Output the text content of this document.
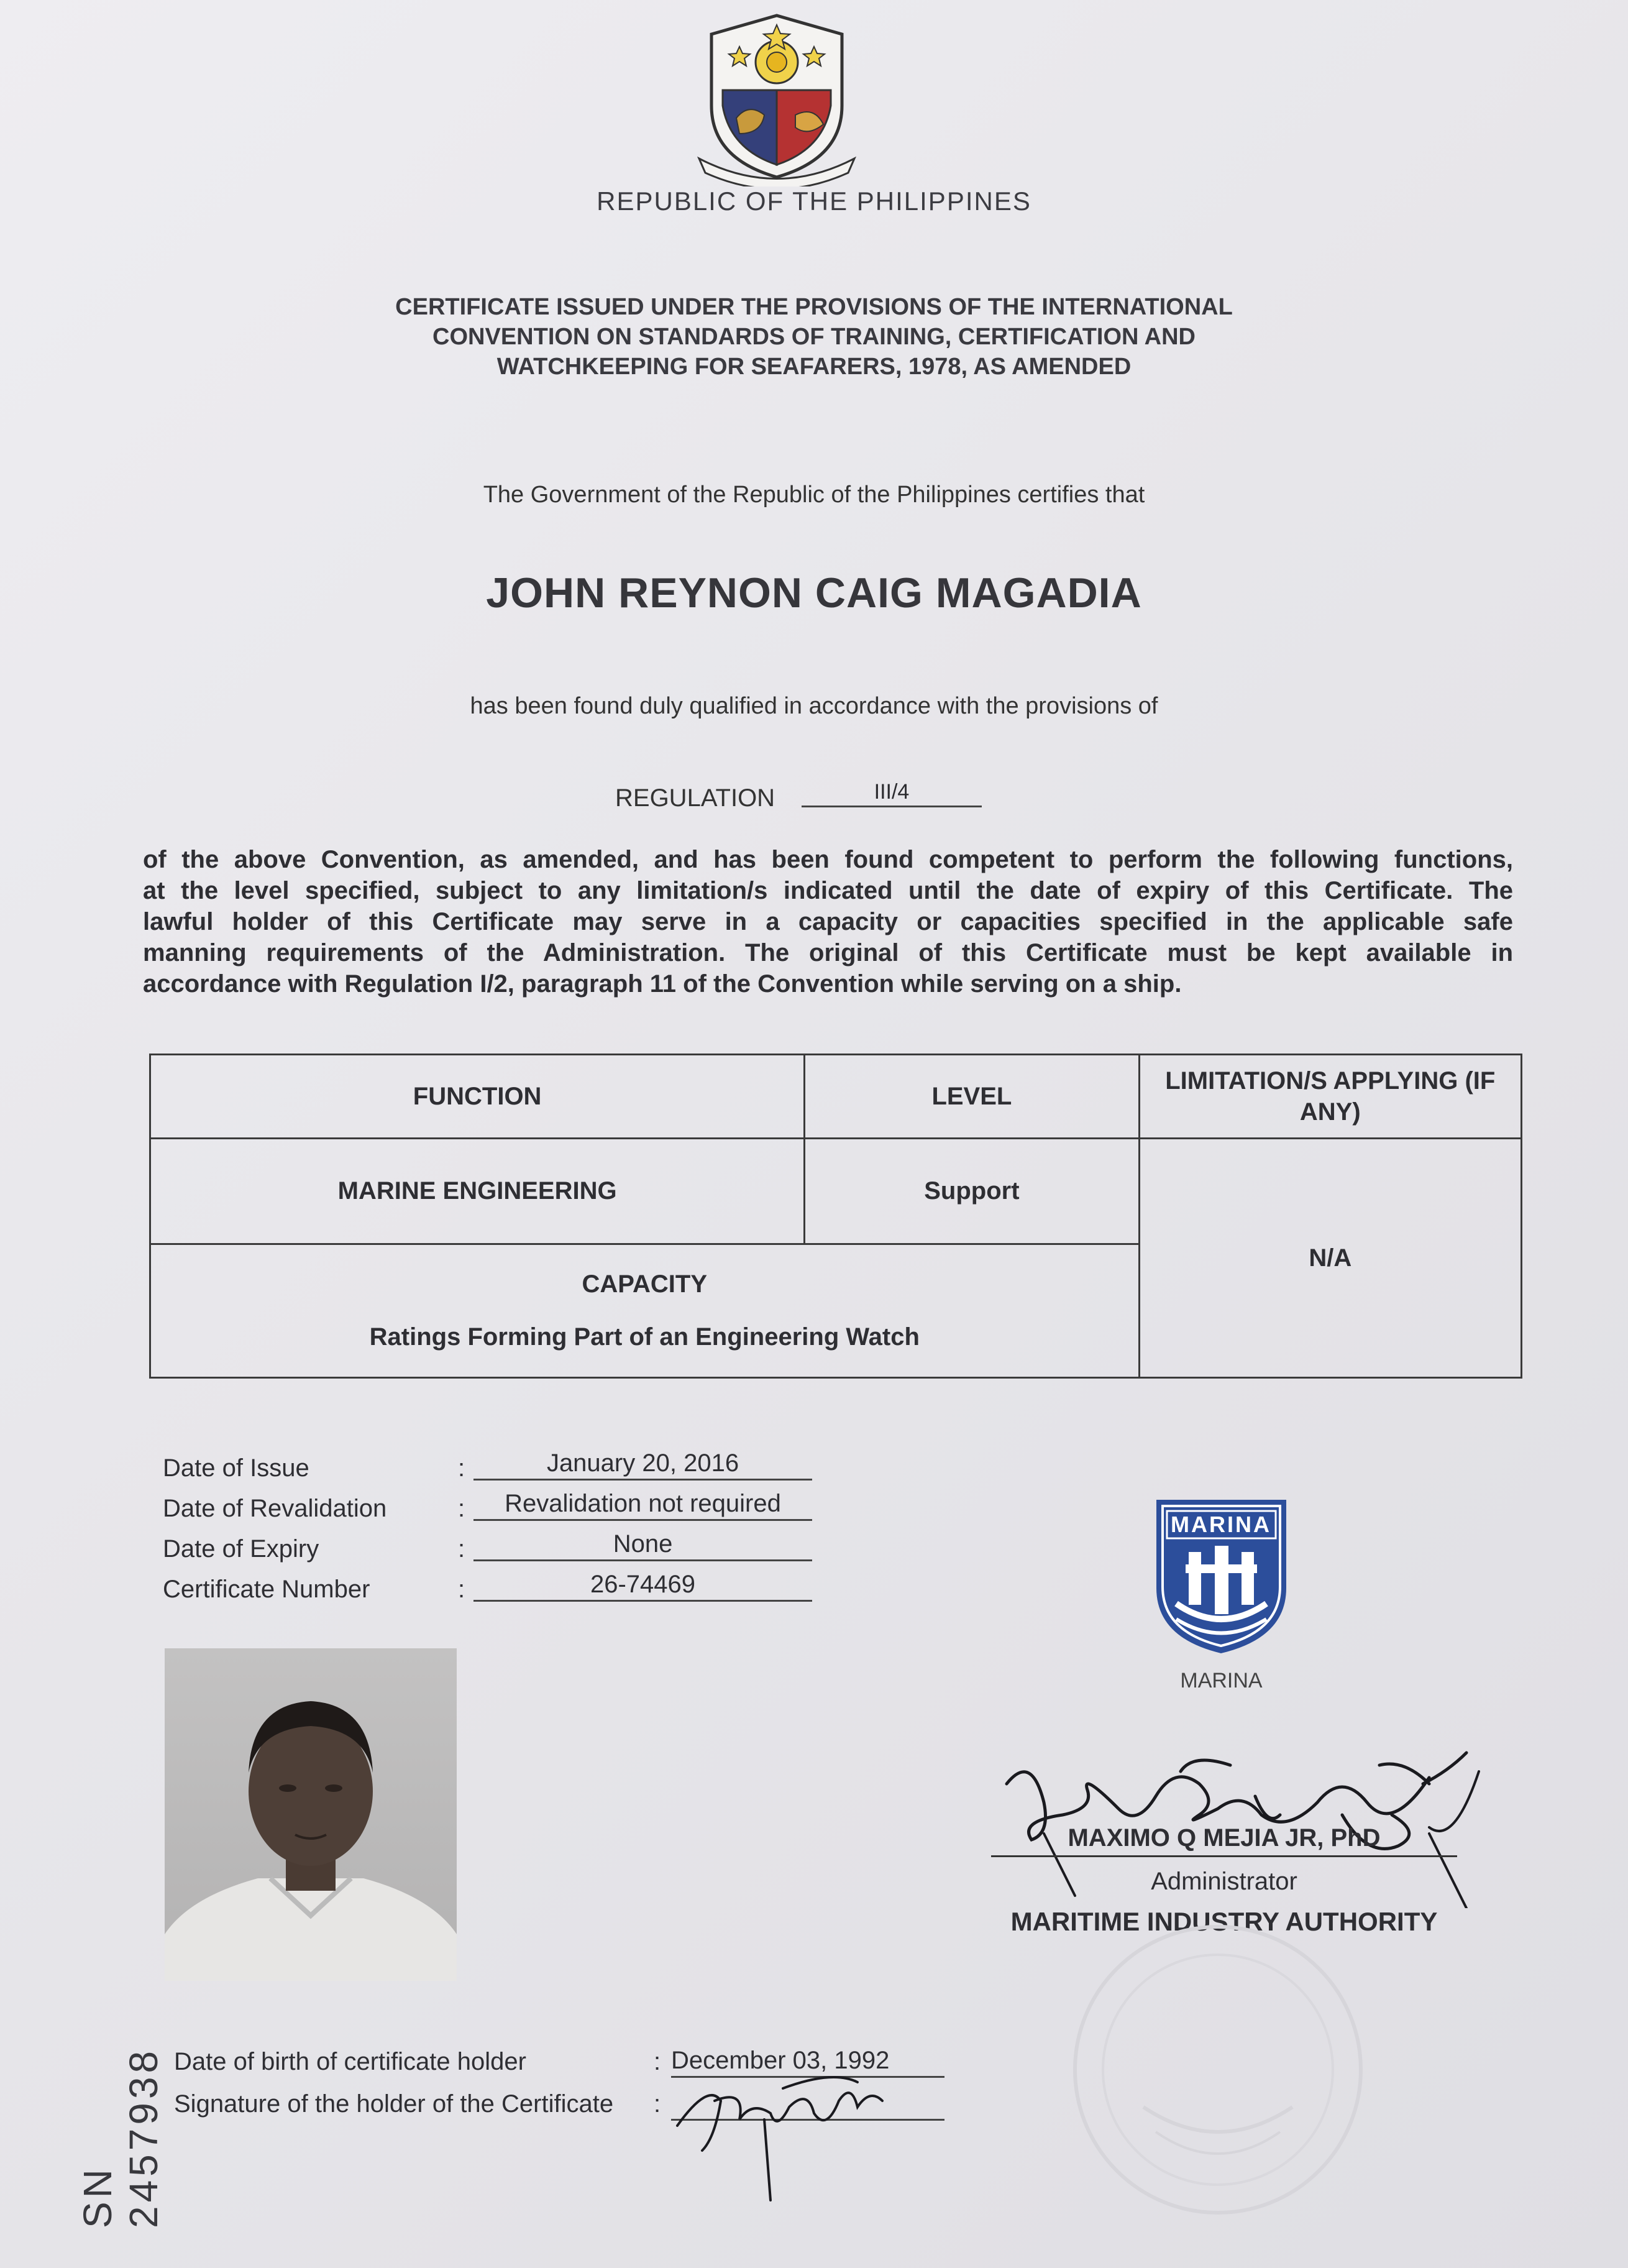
REPUBLIC OF THE PHILIPPINES
CERTIFICATE ISSUED UNDER THE PROVISIONS OF THE INTERNATIONAL
CONVENTION ON STANDARDS OF TRAINING, CERTIFICATION AND
WATCHKEEPING FOR SEAFARERS, 1978, AS AMENDED
The Government of the Republic of the Philippines certifies that
JOHN REYNON CAIG MAGADIA
has been found duly qualified in accordance with the provisions of
REGULATION	III/4
of the above Convention, as amended, and has been found competent to perform the following functions,
at the level specified, subject to any limitation/s indicated until the date of expiry of this Certificate. The
lawful holder of this Certificate may serve in a capacity or capacities specified in the applicable safe
manning requirements of the Administration. The original of this Certificate must be kept available in
accordance with Regulation I/2, paragraph 11 of the Convention while serving on a ship.
FUNCTION	LEVEL	LIMITATION/S APPLYING (IF ANY)
MARINE ENGINEERING	Support	N/A

CAPACITY
Ratings Forming Part of an Engineering Watch		
Date of Issue	:	January 20, 2016
Date of Revalidation	:	Revalidation not required
Date of Expiry	:	None
Certificate Number	:	26-74469
MARINA
MARINA
MAXIMO Q MEJIA JR, PhD
Administrator
MARITIME INDUSTRY AUTHORITY
Date of birth of certificate holder	: December 03, 1992
Signature of the holder of the Certificate	:
SN 2457938
